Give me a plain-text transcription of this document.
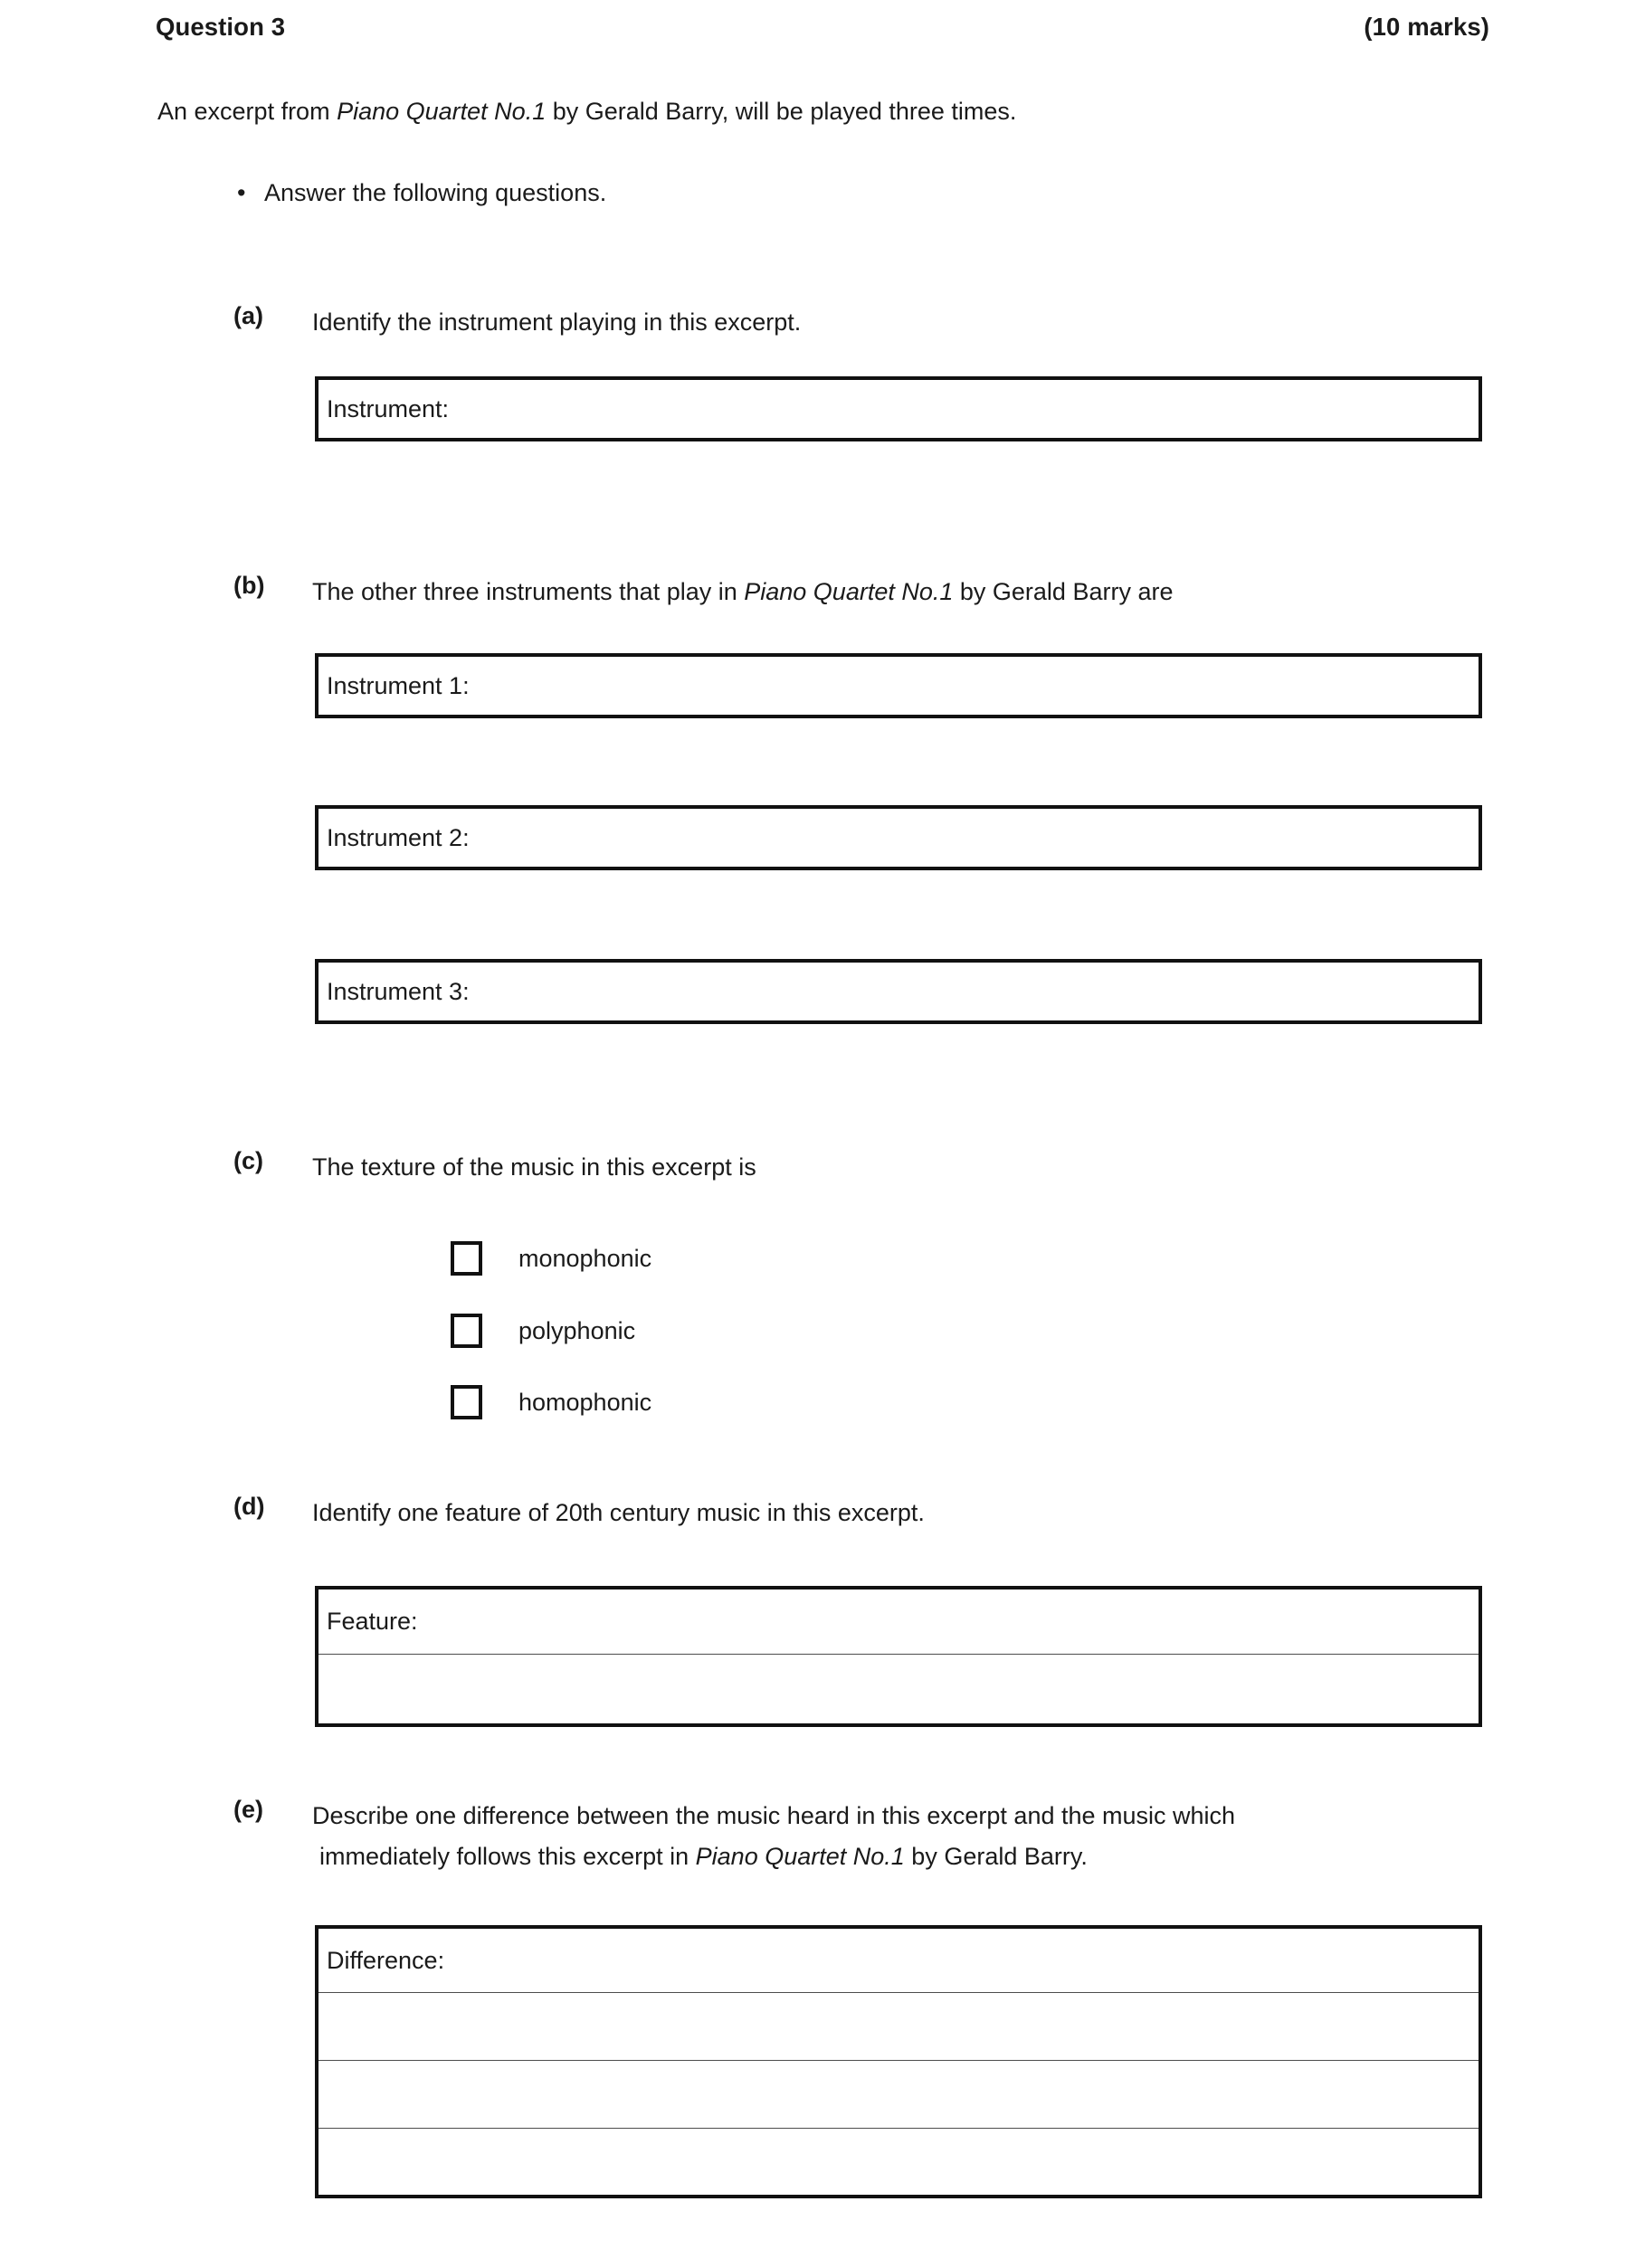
Question 3	(10 marks)
An excerpt from Piano Quartet No.1 by Gerald Barry, will be played three times.
• Answer the following questions.
(a)	Identify the instrument playing in this excerpt.
Instrument:
(b)	The other three instruments that play in Piano Quartet No.1 by Gerald Barry are
Instrument 1:
Instrument 2:
Instrument 3:
(c)	The texture of the music in this excerpt is
monophonic
polyphonic
homophonic
(d)	Identify one feature of 20th century music in this excerpt.
Feature:
(e)	Describe one difference between the music heard in this excerpt and the music which
immediately follows this excerpt in Piano Quartet No.1 by Gerald Barry.
Difference:
